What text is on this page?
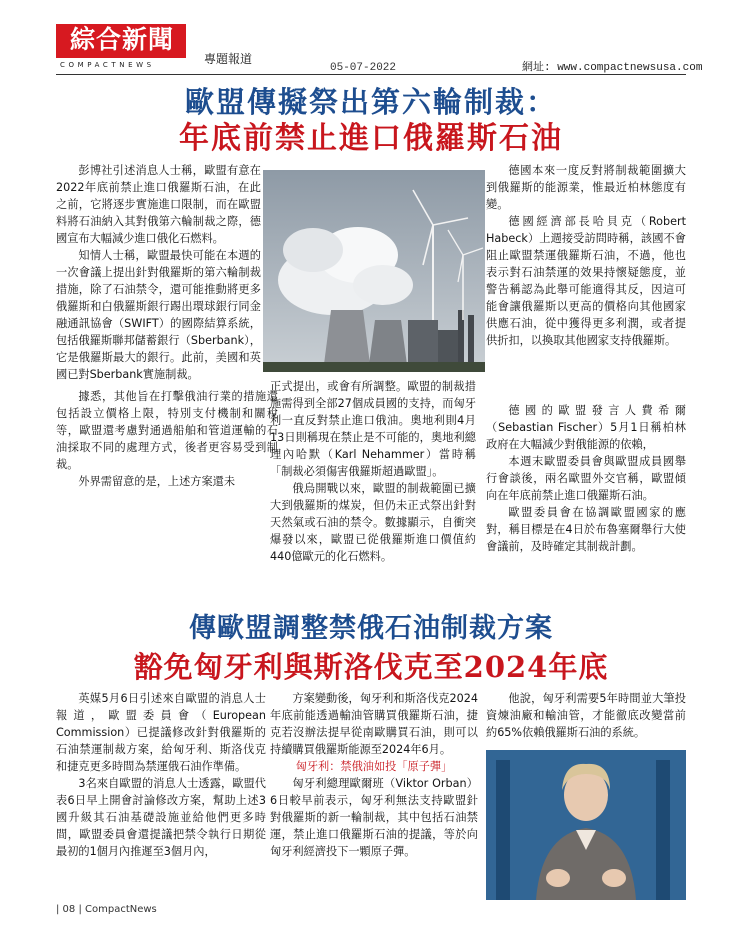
綜合新聞
COMPACTNEWS	專題報道
05-07-2022	網址: www.compactnewsusa.com
歐盟傳擬祭出第六輪制裁：
年底前禁止進口俄羅斯石油

彭博社引述消息人士稱，歐盟有意在2022年底前禁止進口俄羅斯石油，在此之前，它將逐步實施進口限制，而在歐盟料將石油納入其對俄第六輪制裁之際，德國宣布大幅減少進口俄化石燃料。

知情人士稱，歐盟最快可能在本週的一次會議上提出針對俄羅斯的第六輪制裁措施，除了石油禁令，還可能推動將更多俄羅斯和白俄羅斯銀行踢出環球銀行同金融通訊協會（SWIFT）的國際結算系統，包括俄羅斯聯邦儲蓄銀行（Sberbank），它是俄羅斯最大的銀行。此前，美國和英國已對Sberbank實施制裁。

據悉，其他旨在打擊俄油行業的措施還包括設立價格上限，特別支付機制和關稅等，歐盟還考慮對通過船舶和管道運輸的石油採取不同的處理方式，後者更容易受到制裁。

外界需留意的是，上述方案還未

正式提出，或會有所調整。歐盟的制裁措施需得到全部27個成員國的支持，而匈牙利一直反對禁止進口俄油。奧地利則4月13日則稱現在禁止是不可能的，奧地利總理內哈默（Karl Nehammer）當時稱「制裁必須傷害俄羅斯超過歐盟」。

俄烏開戰以來，歐盟的制裁範圍已擴大到俄羅斯的煤炭，但仍未正式祭出針對天然氣或石油的禁令。數據顯示，自衝突爆發以來，歐盟已從俄羅斯進口價值約440億歐元的化石燃料。

德國本來一度反對將制裁範圍擴大到俄羅斯的能源業，惟最近柏林態度有變。

德國經濟部長哈貝克（Robert Habeck）上週接受訪問時稱，該國不會阻止歐盟禁運俄羅斯石油，不過，他也表示對石油禁運的效果持懷疑態度，並警告稱認為此舉可能適得其反，因這可能會讓俄羅斯以更高的價格向其他國家供應石油，從中獲得更多利潤，或者提供折扣，以換取其他國家支持俄羅斯。

德國的歐盟發言人費希爾（Sebastian Fischer）5月1日稱柏林政府在大幅減少對俄能源的依賴，

本週末歐盟委員會與歐盟成員國舉行會談後，兩名歐盟外交官稱，歐盟傾向在年底前禁止進口俄羅斯石油。

歐盟委員會在協調歐盟國家的應對，稱目標是在4日於布魯塞爾舉行大使會議前，及時確定其制裁計劃。

傳歐盟調整禁俄石油制裁方案
豁免匈牙利與斯洛伐克至2024年底

英媒5月6日引述來自歐盟的消息人士報道，歐盟委員會（European Commission）已提議修改針對俄羅斯的石油禁運制裁方案，給匈牙利、斯洛伐克和捷克更多時間為禁運俄石油作準備。

3名來自歐盟的消息人士透露，歐盟代表6日早上開會討論修改方案，幫助上述3國升級其石油基礎設施並給他們更多時間，歐盟委員會還提議把禁令執行日期從最初的1個月內推遲至3個月內，

方案變動後，匈牙利和斯洛伐克2024年底前能透過輸油管購買俄羅斯石油，捷克若沒辦法提早從南歐購買石油，則可以持續購買俄羅斯能源至2024年6月。

匈牙利：禁俄油如投「原子彈」

匈牙利總理歐爾班（Viktor Orban）6日較早前表示，匈牙利無法支持歐盟針對俄羅斯的新一輪制裁，其中包括石油禁運，禁止進口俄羅斯石油的提議，等於向匈牙利經濟投下一顆原子彈。

他說，匈牙利需要5年時間並大筆投資煉油廠和輸油管，才能徹底改變當前約65%依賴俄羅斯石油的系統。

| 08 | CompactNews
